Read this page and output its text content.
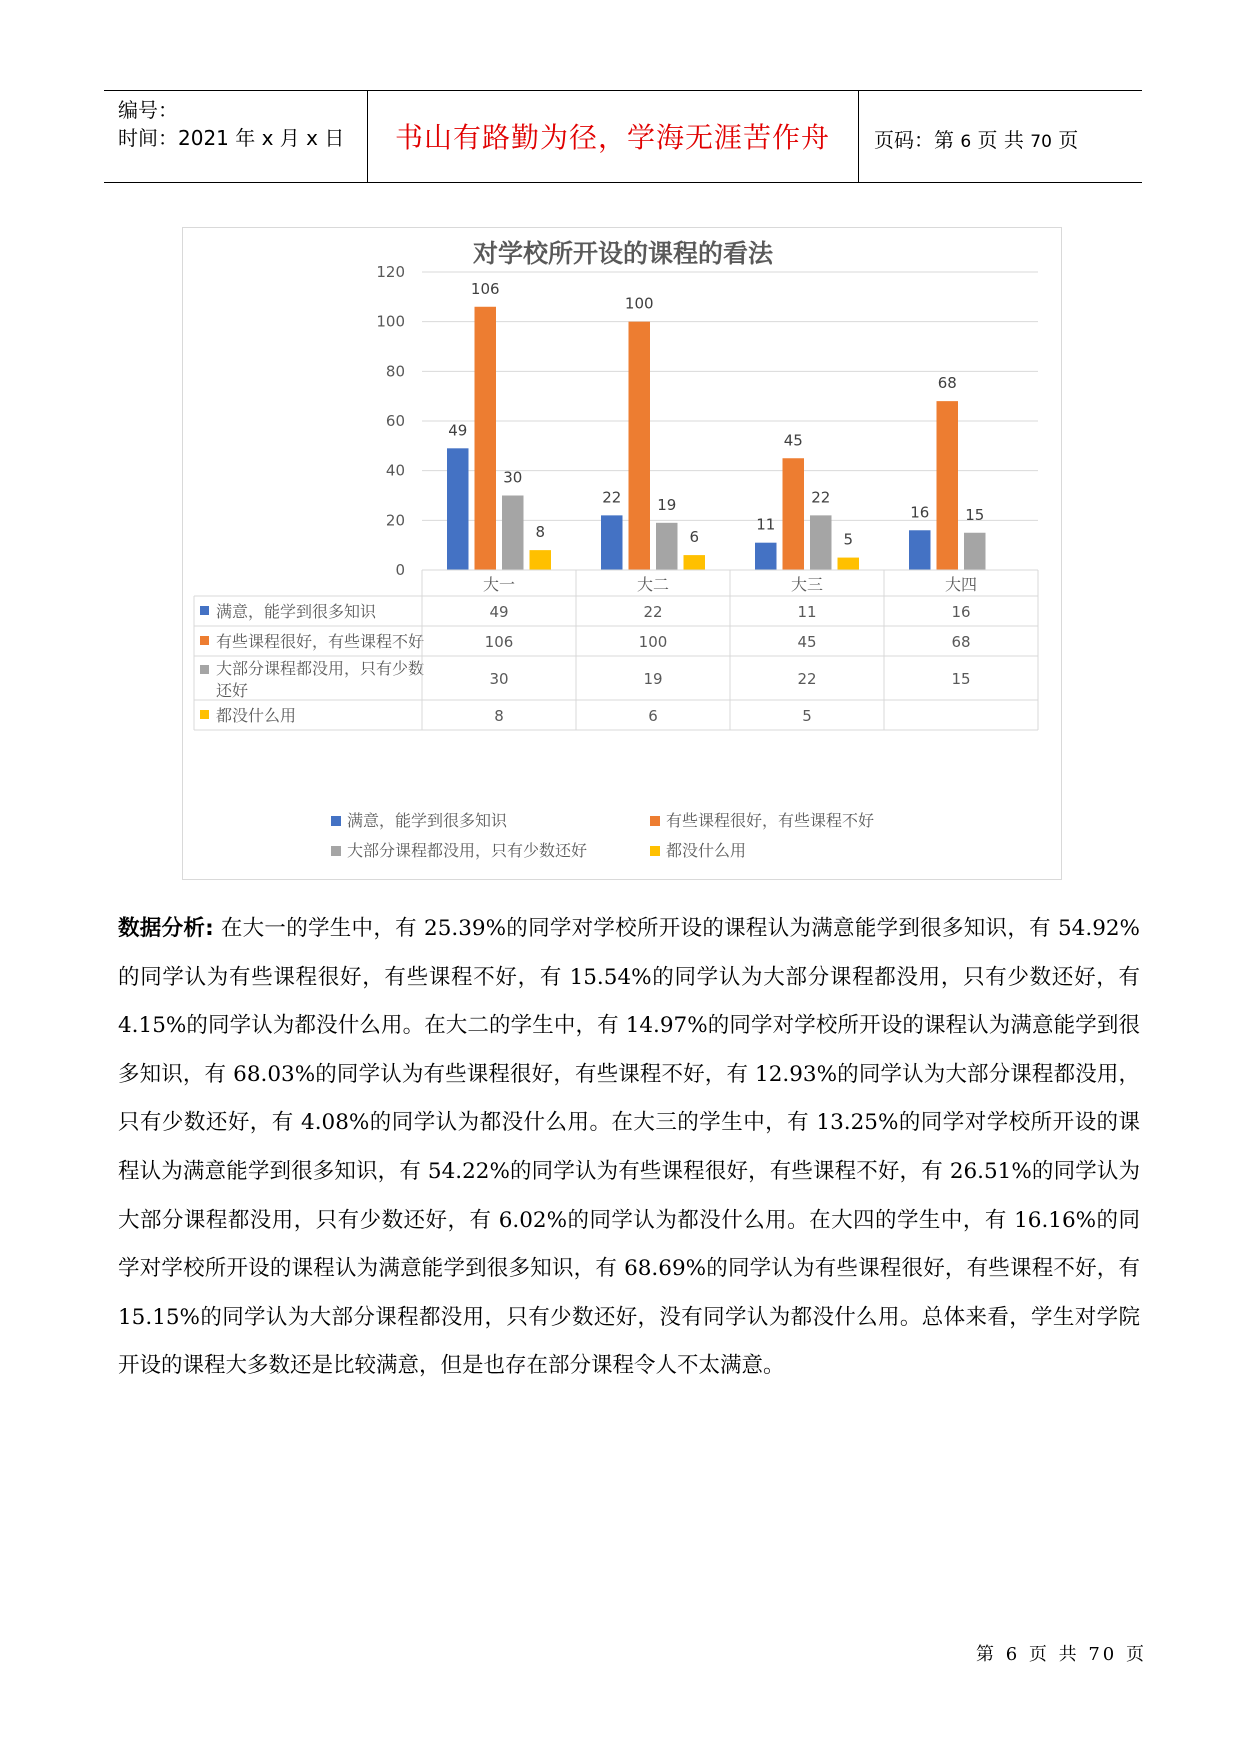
编号：
时间：2021 年 x 月 x 日	书山有路勤为径，学海无涯苦作舟	页码：第 6 页 共 70 页
对学校所开设的课程的看法
0
20
40
60
80
100
120
49
22
11
16
106
100
45
68
30
19	22
15
8	6	5
大一	大二	大三	大四
满意，能学到很多知识	49	22	11	16
有些课程很好，有些课程不好	106	100	45	68
大部分课程都没用，只有少数
还好
30	19	22	15
都没什么用	8	6	5
满意，能学到很多知识	有些课程很好，有些课程不好
大部分课程都没用，只有少数还好	都没什么用
数据分析: 在大一的学生中，有 25.39%的同学对学校所开设的课程认为满意能学到很多知识，有 54.92%的同学认为有些课程很好，有些课程不好，有 15.54%的同学认为大部分课程都没用，只有少数还好，有 4.15%的同学认为都没什么用。在大二的学生中，有 14.97%的同学对学校所开设的课程认为满意能学到很多知识，有 68.03%的同学认为有些课程很好，有些课程不好，有 12.93%的同学认为大部分课程都没用，只有少数还好，有 4.08%的同学认为都没什么用。在大三的学生中，有 13.25%的同学对学校所开设的课程认为满意能学到很多知识，有 54.22%的同学认为有些课程很好，有些课程不好，有 26.51%的同学认为大部分课程都没用，只有少数还好，有 6.02%的同学认为都没什么用。在大四的学生中，有 16.16%的同学对学校所开设的课程认为满意能学到很多知识，有 68.69%的同学认为有些课程很好，有些课程不好，有 15.15%的同学认为大部分课程都没用，只有少数还好，没有同学认为都没什么用。总体来看，学生对学院开设的课程大多数还是比较满意，但是也存在部分课程令人不太满意。
第 6 页 共 70 页
